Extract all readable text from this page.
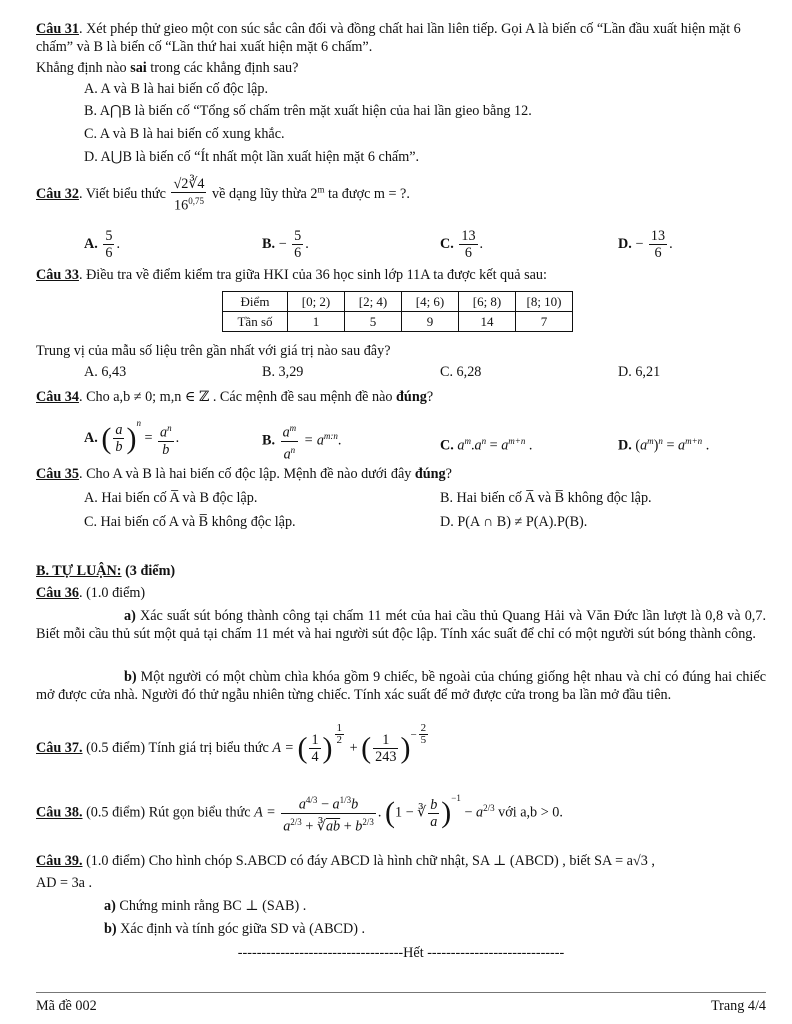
Câu 31. Xét phép thử gieo một con súc sắc cân đối và đồng chất hai lần liên tiếp. Gọi A là biến cố “Lần đầu xuất hiện mặt 6 chấm” và B là biến cố “Lần thứ hai xuất hiện mặt 6 chấm”.
Khẳng định nào sai trong các khẳng định sau?
A. A và B là hai biến cố độc lập.
B. A⋂B là biến cố “Tổng số chấm trên mặt xuất hiện của hai lần gieo bằng 12.
C. A và B là hai biến cố xung khắc.
D. A⋃B là biến cố “Ít nhất một lần xuất hiện mặt 6 chấm”.
Câu 32. Viết biểu thức $\frac{√2∛4}{16^{0,75}}$ về dạng lũy thừa 2$^m$ ta được m = ?.
A. $\frac{5}{6}$ .	B. − $\frac{5}{6}$ .	C. $\frac{13}{6}$ .	D. − $\frac{13}{6}$ .
Câu 33. Điều tra về điểm kiểm tra giữa HKI của 36 học sinh lớp 11A ta được kết quả sau:
Điểm	[0; 2)	[2; 4)	[4; 6)	[6; 8)	[8; 10)
Tần số	1	5	9	14	7
Trung vị của mẫu số liệu trên gần nhất với giá trị nào sau đây?
A. 6,43	B. 3,29	C. 6,28	D. 6,21
Câu 34. Cho a,b ≠ 0; m,n ∈ ℤ . Các mệnh đề sau mệnh đề nào đúng?
A. ( $\frac{a}{b} )^n = \frac{a^n}{b}$ .	B. $\frac{a^m}{a^n} = a^{m:n}$.	C. $a^m.a^n = a^{m+n}$ .	D. $(a^m)^n = a^{m+n}$ .
Câu 35. Cho A và B là hai biến cố độc lập. Mệnh đề nào dưới đây đúng?
A. Hai biến cố A̅ và B độc lập.	B. Hai biến cố A̅ và B̅ không độc lập.
C. Hai biến cố A và B̅ không độc lập.	D. P(A ∩ B) ≠ P(A).P(B).
B. TỰ LUẬN: (3 điểm)
Câu 36. (1.0 điểm)
a) Xác suất sút bóng thành công tại chấm 11 mét của hai cầu thủ Quang Hải và Văn Đức lần lượt là 0,8 và 0,7. Biết mỗi cầu thủ sút một quả tại chấm 11 mét và hai người sút độc lập. Tính xác suất để chỉ có một người sút bóng thành công.
b) Một người có một chùm chìa khóa gồm 9 chiếc, bề ngoài của chúng giống hệt nhau và chỉ có đúng hai chiếc mở được cửa nhà. Người đó thử ngẫu nhiên từng chiếc. Tính xác suất để mở được cửa trong ba lần mở đầu tiên.
Câu 37. (0.5 điểm) Tính giá trị biểu thức A = ( $\frac{1}{4}$ ) $\frac{1}{2}$
+ ( $\frac{1}{243} )^- \frac{2}{5}$
Câu 38. (0.5 điểm) Rút gọn biểu thức $A = \frac{a^{4/3} - a^{1/3}b}{a^{2/3} + ∛\overline{ab} + b^{2/3}}$ . (1 − ∛ $\frac{b}{a} )^{-1} - a^{2/3}$ với a,b > 0.
Câu 39. (1.0 điểm) Cho hình chóp S.ABCD có đáy ABCD là hình chữ nhật, SA ⊥ (ABCD) , biết SA = a√3 ,
AD = 3a .
a) Chứng minh rằng BC ⊥ (SAB) .
b) Xác định và tính góc giữa SD và (ABCD) .
-----------------------------------Hết -----------------------------
Mã đề 002	Trang 4/4
